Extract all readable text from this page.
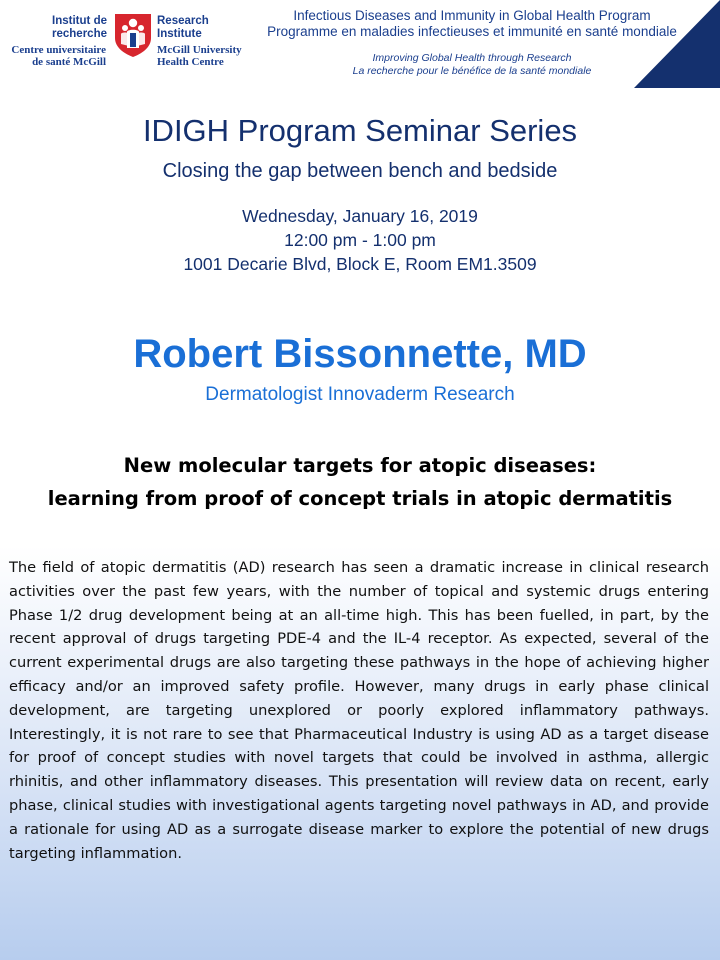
Institut de
recherche
Research
Institute
Centre universitaire
de santé McGill
McGill University
Health Centre
Infectious Diseases and Immunity in Global Health Program
Programme en maladies infectieuses et immunité en santé mondiale
Improving Global Health through Research
La recherche pour le bénéfice de la santé mondiale
IDIGH Program Seminar Series
Closing the gap between bench and bedside
Wednesday, January 16, 2019
12:00 pm - 1:00 pm
1001 Decarie Blvd, Block E, Room EM1.3509
Robert Bissonnette, MD
Dermatologist Innovaderm Research
New molecular targets for atopic diseases:
learning from proof of concept trials in atopic dermatitis

The field of atopic dermatitis (AD) research has seen a dramatic increase in clinical research activities over the past few years, with the number of topical and systemic drugs entering Phase 1/2 drug development being at an all-time high. This has been fuelled, in part, by the recent approval of drugs targeting PDE-4 and the IL-4 receptor. As expected, several of the current experimental drugs are also targeting these pathways in the hope of achieving higher efficacy and/or an improved safety profile. However, many drugs in early phase clinical development, are targeting unexplored or poorly explored inflammatory pathways. Interestingly, it is not rare to see that Pharmaceutical Industry is using AD as a target disease for proof of concept studies with novel targets that could be involved in asthma, allergic rhinitis, and other inflammatory diseases. This presentation will review data on recent, early phase, clinical studies with investigational agents targeting novel pathways in AD, and provide a rationale for using AD as a surrogate disease marker to explore the potential of new drugs targeting inflammation.
